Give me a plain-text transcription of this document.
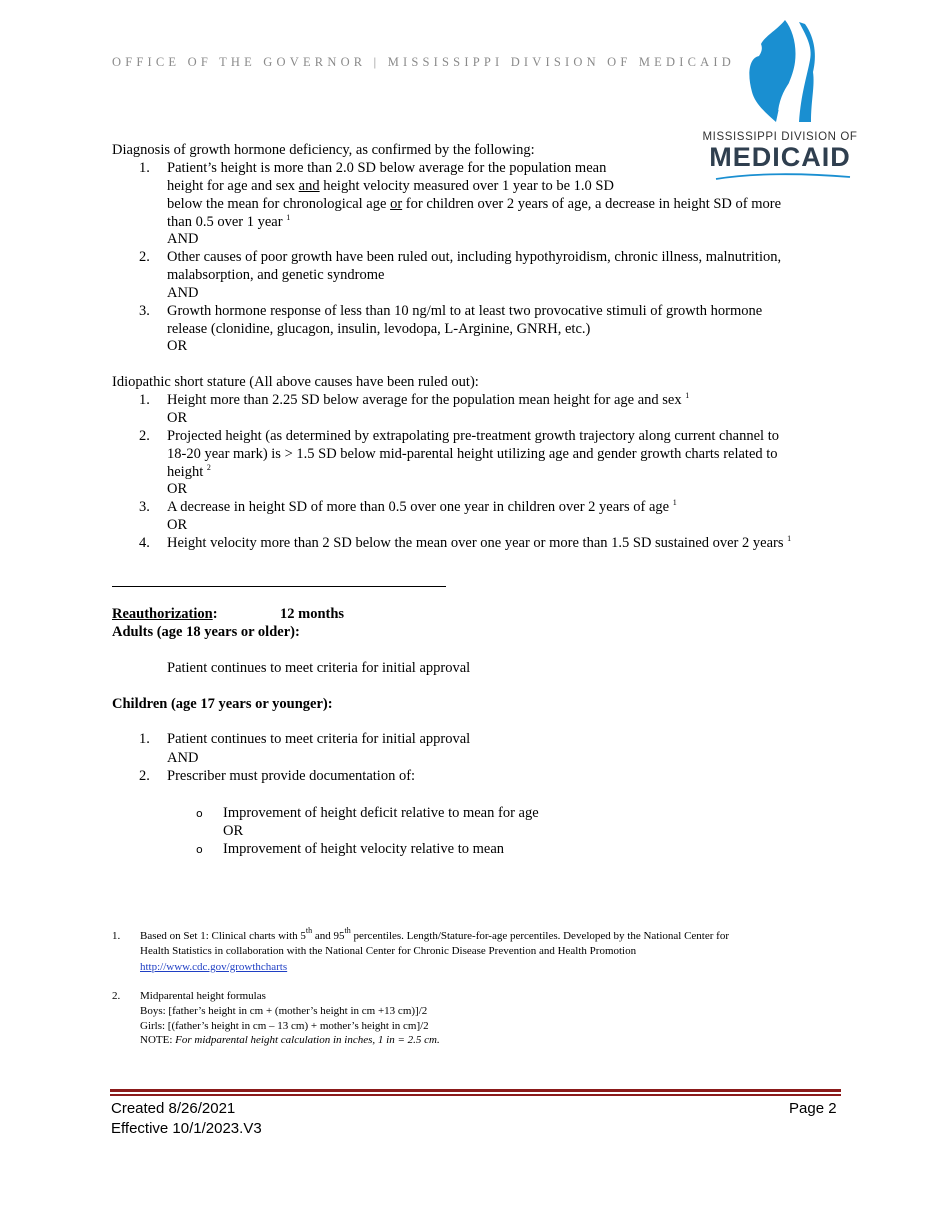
OFFICE OF THE GOVERNOR | MISSISSIPPI DIVISION OF MEDICAID
MISSISSIPPI DIVISION OF
MEDICAID
Diagnosis of growth hormone deficiency, as confirmed by the following:
1.	Patient’s height is more than 2.0 SD below average for the population mean
height for age and sex and height velocity measured over 1 year to be 1.0 SD
below the mean for chronological age or for children over 2 years of age, a decrease in height SD of more
than 0.5 over 1 year $^1$
AND
2.	Other causes of poor growth have been ruled out, including hypothyroidism, chronic illness, malnutrition,
malabsorption, and genetic syndrome
AND
3.	Growth hormone response of less than 10 ng/ml to at least two provocative stimuli of growth hormone
release (clonidine, glucagon, insulin, levodopa, L-Arginine, GNRH, etc.)
OR
Idiopathic short stature (All above causes have been ruled out):
1.	Height more than 2.25 SD below average for the population mean height for age and sex $^1$
OR
2.	Projected height (as determined by extrapolating pre-treatment growth trajectory along current channel to
18-20 year mark) is > 1.5 SD below mid-parental height utilizing age and gender growth charts related to
height $^2$
OR
3.	A decrease in height SD of more than 0.5 over one year in children over 2 years of age $^1$
OR
4.	Height velocity more than 2 SD below the mean over one year or more than 1.5 SD sustained over 2 years $^1$
Reauthorization:	12 months
Adults (age 18 years or older):
Patient continues to meet criteria for initial approval
Children (age 17 years or younger):
1.	Patient continues to meet criteria for initial approval
AND
2.	Prescriber must provide documentation of:
o Improvement of height deficit relative to mean for age
OR
o Improvement of height velocity relative to mean
1. Based on Set 1: Clinical charts with 5th and 95th percentiles. Length/Stature-for-age percentiles. Developed by the National Center for
Health Statistics in collaboration with the National Center for Chronic Disease Prevention and Health Promotion
http://www.cdc.gov/growthcharts
2. Midparental height formulas
Boys: [father’s height in cm + (mother’s height in cm +13 cm)]/2
Girls: [(father’s height in cm – 13 cm) + mother’s height in cm]/2
NOTE: For midparental height calculation in inches, 1 in = 2.5 cm.
Created 8/26/2021
Effective 10/1/2023.V3
Page 2
